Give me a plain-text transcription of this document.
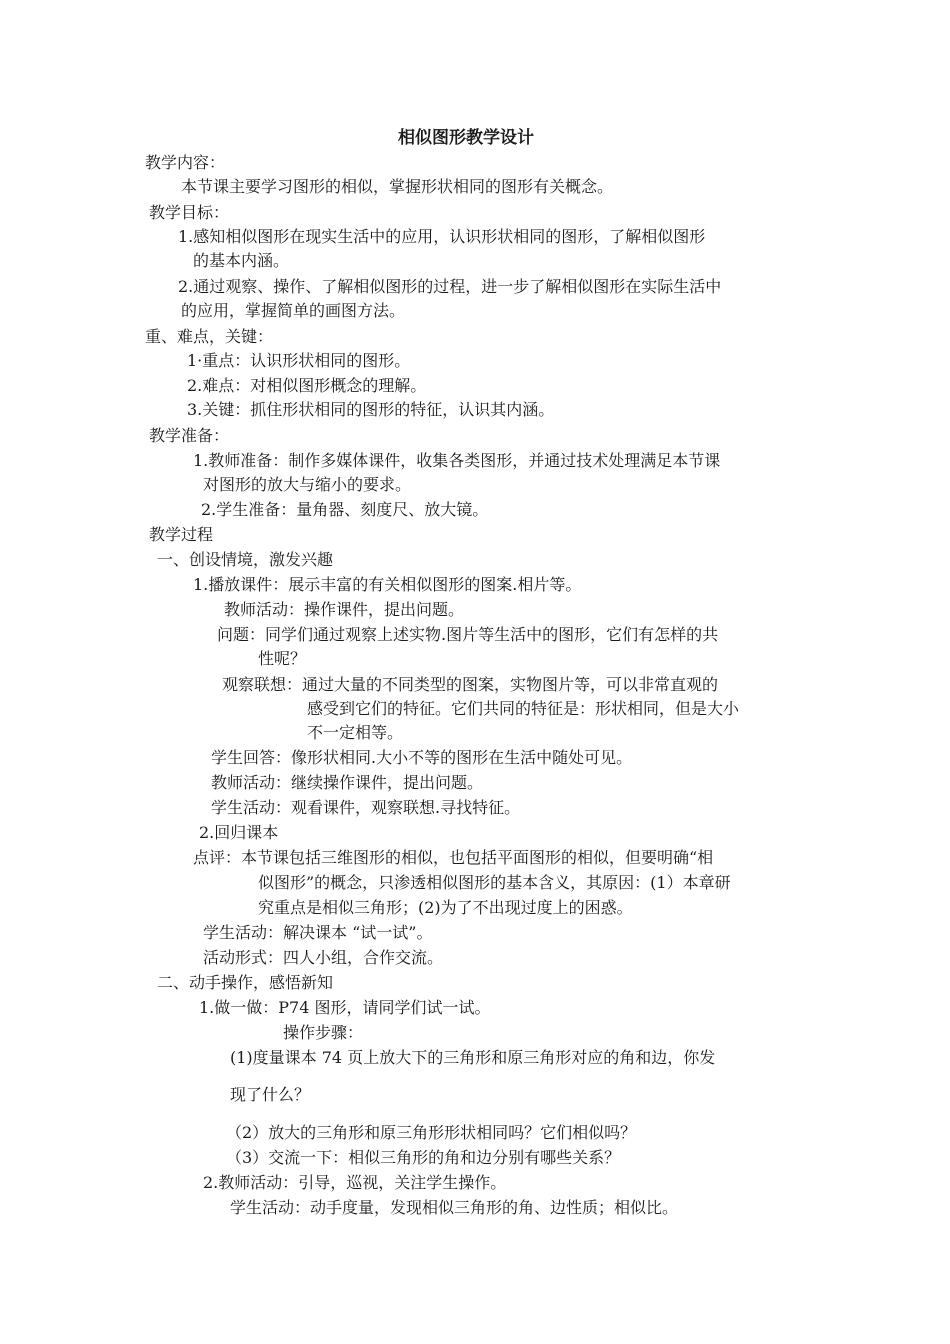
相似图形教学设计
教学内容：
本节课主要学习图形的相似，掌握形状相同的图形有关概念。
教学目标：
1.感知相似图形在现实生活中的应用，认识形状相同的图形，了解相似图形
的基本内涵。
2.通过观察、操作、了解相似图形的过程，进一步了解相似图形在实际生活中
的应用，掌握简单的画图方法。
重、难点，关键：
1·重点：认识形状相同的图形。
2.难点：对相似图形概念的理解。
3.关键：抓住形状相同的图形的特征，认识其内涵。
教学准备：
1.教师准备：制作多媒体课件，收集各类图形，并通过技术处理满足本节课
对图形的放大与缩小的要求。
2.学生准备：量角器、刻度尺、放大镜。
教学过程
一、创设情境，激发兴趣
1.播放课件：展示丰富的有关相似图形的图案.相片等。
教师活动：操作课件，提出问题。
问题：同学们通过观察上述实物.图片等生活中的图形，它们有怎样的共
性呢？
观察联想：通过大量的不同类型的图案，实物图片等，可以非常直观的
感受到它们的特征。它们共同的特征是：形状相同，但是大小
不一定相等。
学生回答：像形状相同.大小不等的图形在生活中随处可见。
教师活动：继续操作课件，提出问题。
学生活动：观看课件，观察联想.寻找特征。
2.回归课本
点评：本节课包括三维图形的相似，也包括平面图形的相似，但要明确“相
似图形”的概念，只渗透相似图形的基本含义，其原因：(1）本章研
究重点是相似三角形；(2)为了不出现过度上的困惑。
学生活动：解决课本 “试一试”。
活动形式：四人小组，合作交流。
二、动手操作，感悟新知
1.做一做：P74 图形，请同学们试一试。
操作步骤：
(1)度量课本 74 页上放大下的三角形和原三角形对应的角和边，你发
现了什么？
（2）放大的三角形和原三角形形状相同吗？它们相似吗？
（3）交流一下：相似三角形的角和边分别有哪些关系？
2.教师活动：引导，巡视，关注学生操作。
学生活动：动手度量，发现相似三角形的角、边性质；相似比。
